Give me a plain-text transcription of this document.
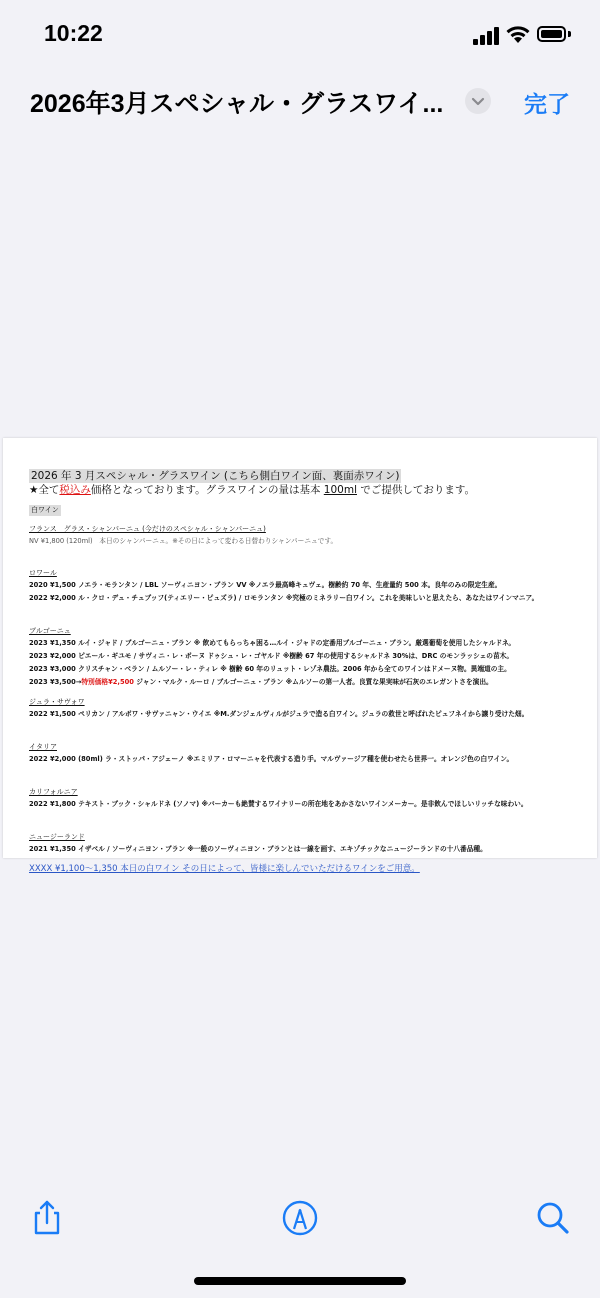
10:22
2026年3月スペシャル・グラスワイ...	完了
2026 年 3 月スペシャル・グラスワイン (こちら側白ワイン面、裏面赤ワイン)
★全て税込み価格となっております。グラスワインの量は基本 100ml でご提供しております。
白ワイン
フランス　グラス・シャンパーニュ (今だけのスペシャル・シャンパーニュ)
NV ¥1,800 (120ml)　本日のシャンパーニュ。※その日によって変わる日替わりシャンパーニュです。
ロワール
2020 ¥1,500 ノエラ・モランタン / LBL ソーヴィニヨン・ブラン VV ※ノエラ最高峰キュヴェ。樹齢約 70 年、生産量約 500 本。良年のみの限定生産。
2022 ¥2,000 ル・クロ・デュ・チュブッフ(ティエリー・ピュズラ) / ロモランタン ※究極のミネラリー白ワイン。これを美味しいと思えたら、あなたはワインマニア。
ブルゴーニュ
2023 ¥1,350 ルイ・ジャド / ブルゴーニュ・ブラン ※ 飲めてもらっちゃ困る…ルイ・ジャドの定番用ブルゴーニュ・ブラン。厳選葡萄を使用したシャルドネ。
2023 ¥2,000 ピエール・ギユモ / サヴィニ・レ・ボーヌ ドゥシュ・レ・ゴヤルド ※樹齢 67 年の使用するシャルドネ 30%は、DRC のモンラッシェの苗木。
2023 ¥3,000 クリスチャン・ベラン / ムルソー・レ・ティレ ※ 樹齢 60 年のリュット・レゾネ農法。2006 年から全てのワインはドメーヌ物。異端道の主。
2023 ¥3,500→特別価格¥2,500 ジャン・マルク・ルーロ / ブルゴーニュ・ブラン ※ムルソーの第一人者。良質な果実味が石灰のエレガントさを演出。
ジュラ・サヴォワ
2022 ¥1,500 ペリカン / アルボワ・サヴァニャン・ウイエ ※M.ダンジェルヴィルがジュラで造る白ワイン。ジュラの救世と呼ばれたピュフネイから譲り受けた畑。
イタリア
2022 ¥2,000 (80ml) ラ・ストッパ・アジェーノ ※エミリア・ロマーニャを代表する造り手。マルヴァージア種を使わせたら世界一。オレンジ色の白ワイン。
カリフォルニア
2022 ¥1,800 テキスト・ブック・シャルドネ (ソノマ) ※バーカーも絶賛するワイナリーの所在地をあかさないワインメーカー。是非飲んでほしいリッチな味わい。
ニュージーランド
2021 ¥1,350 イザベル / ソーヴィニヨン・ブラン ※一般のソーヴィニヨン・ブランとは一線を画す、エキゾチックなニュージーランドの十八番品種。
XXXX ¥1,100〜1,350 本日の白ワイン その日によって、皆様に楽しんでいただけるワインをご用意。
